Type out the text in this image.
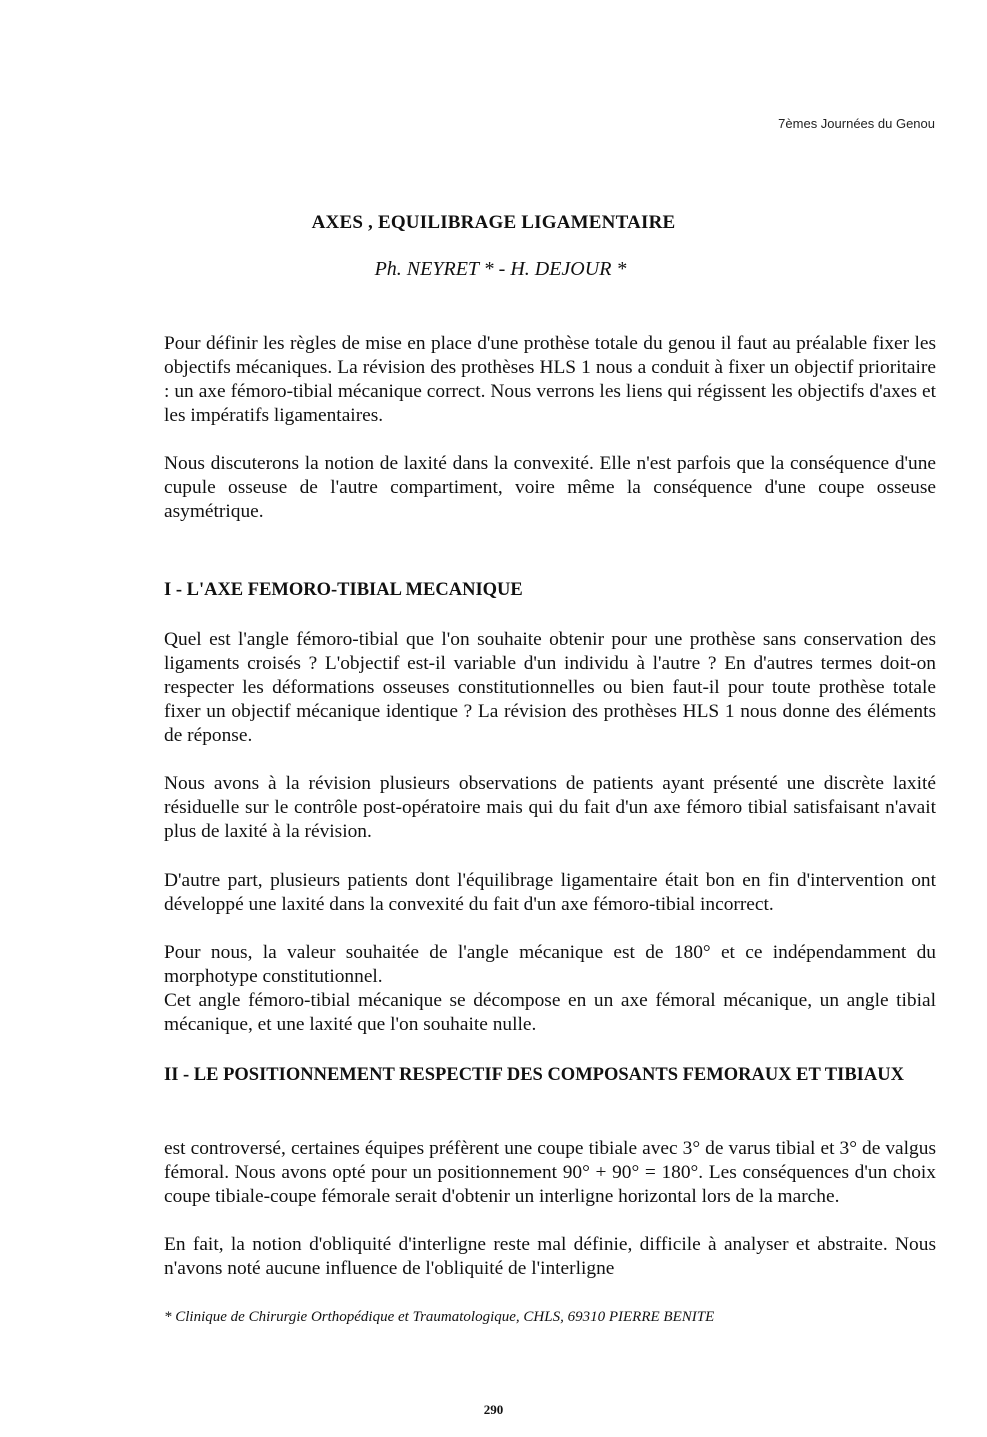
7èmes Journées du Genou
AXES , EQUILIBRAGE LIGAMENTAIRE
Ph. NEYRET * - H. DEJOUR *

Pour définir les règles de mise en place d'une prothèse totale du genou il faut au préalable fixer les objectifs mécaniques. La révision des prothèses HLS 1 nous a conduit à fixer un objectif prioritaire : un axe fémoro-tibial mécanique correct. Nous verrons les liens qui régissent les objectifs d'axes et les impératifs ligamentaires.

Nous discuterons la notion de laxité dans la convexité. Elle n'est parfois que la conséquence d'une cupule osseuse de l'autre compartiment, voire même la conséquence d'une coupe osseuse asymétrique.

I - L'AXE FEMORO-TIBIAL MECANIQUE

Quel est l'angle fémoro-tibial que l'on souhaite obtenir pour une prothèse sans conservation des ligaments croisés ? L'objectif est-il variable d'un individu à l'autre ? En d'autres termes doit-on respecter les déformations osseuses constitutionnelles ou bien faut-il pour toute prothèse totale fixer un objectif mécanique identique ? La révision des prothèses HLS 1 nous donne des éléments de réponse.

Nous avons à la révision plusieurs observations de patients ayant présenté une discrète laxité résiduelle sur le contrôle post-opératoire mais qui du fait d'un axe fémoro tibial satisfaisant n'avait plus de laxité à la révision.

D'autre part, plusieurs patients dont l'équilibrage ligamentaire était bon en fin d'intervention ont développé une laxité dans la convexité du fait d'un axe fémoro-tibial incorrect.

Pour nous, la valeur souhaitée de l'angle mécanique est de 180° et ce indépendamment du morphotype constitutionnel.

Cet angle fémoro-tibial mécanique se décompose en un axe fémoral mécanique, un angle tibial mécanique, et une laxité que l'on souhaite nulle.

II - LE POSITIONNEMENT RESPECTIF DES COMPOSANTS FEMORAUX ET TIBIAUX

est controversé, certaines équipes préfèrent une coupe tibiale avec 3° de varus tibial et 3° de valgus fémoral. Nous avons opté pour un positionnement 90° + 90° = 180°. Les conséquences d'un choix coupe tibiale-coupe fémorale serait d'obtenir un interligne horizontal lors de la marche.

En fait, la notion d'obliquité d'interligne reste mal définie, difficile à analyser et abstraite. Nous n'avons noté aucune influence de l'obliquité de l'interligne

* Clinique de Chirurgie Orthopédique et Traumatologique, CHLS, 69310 PIERRE BENITE
290
